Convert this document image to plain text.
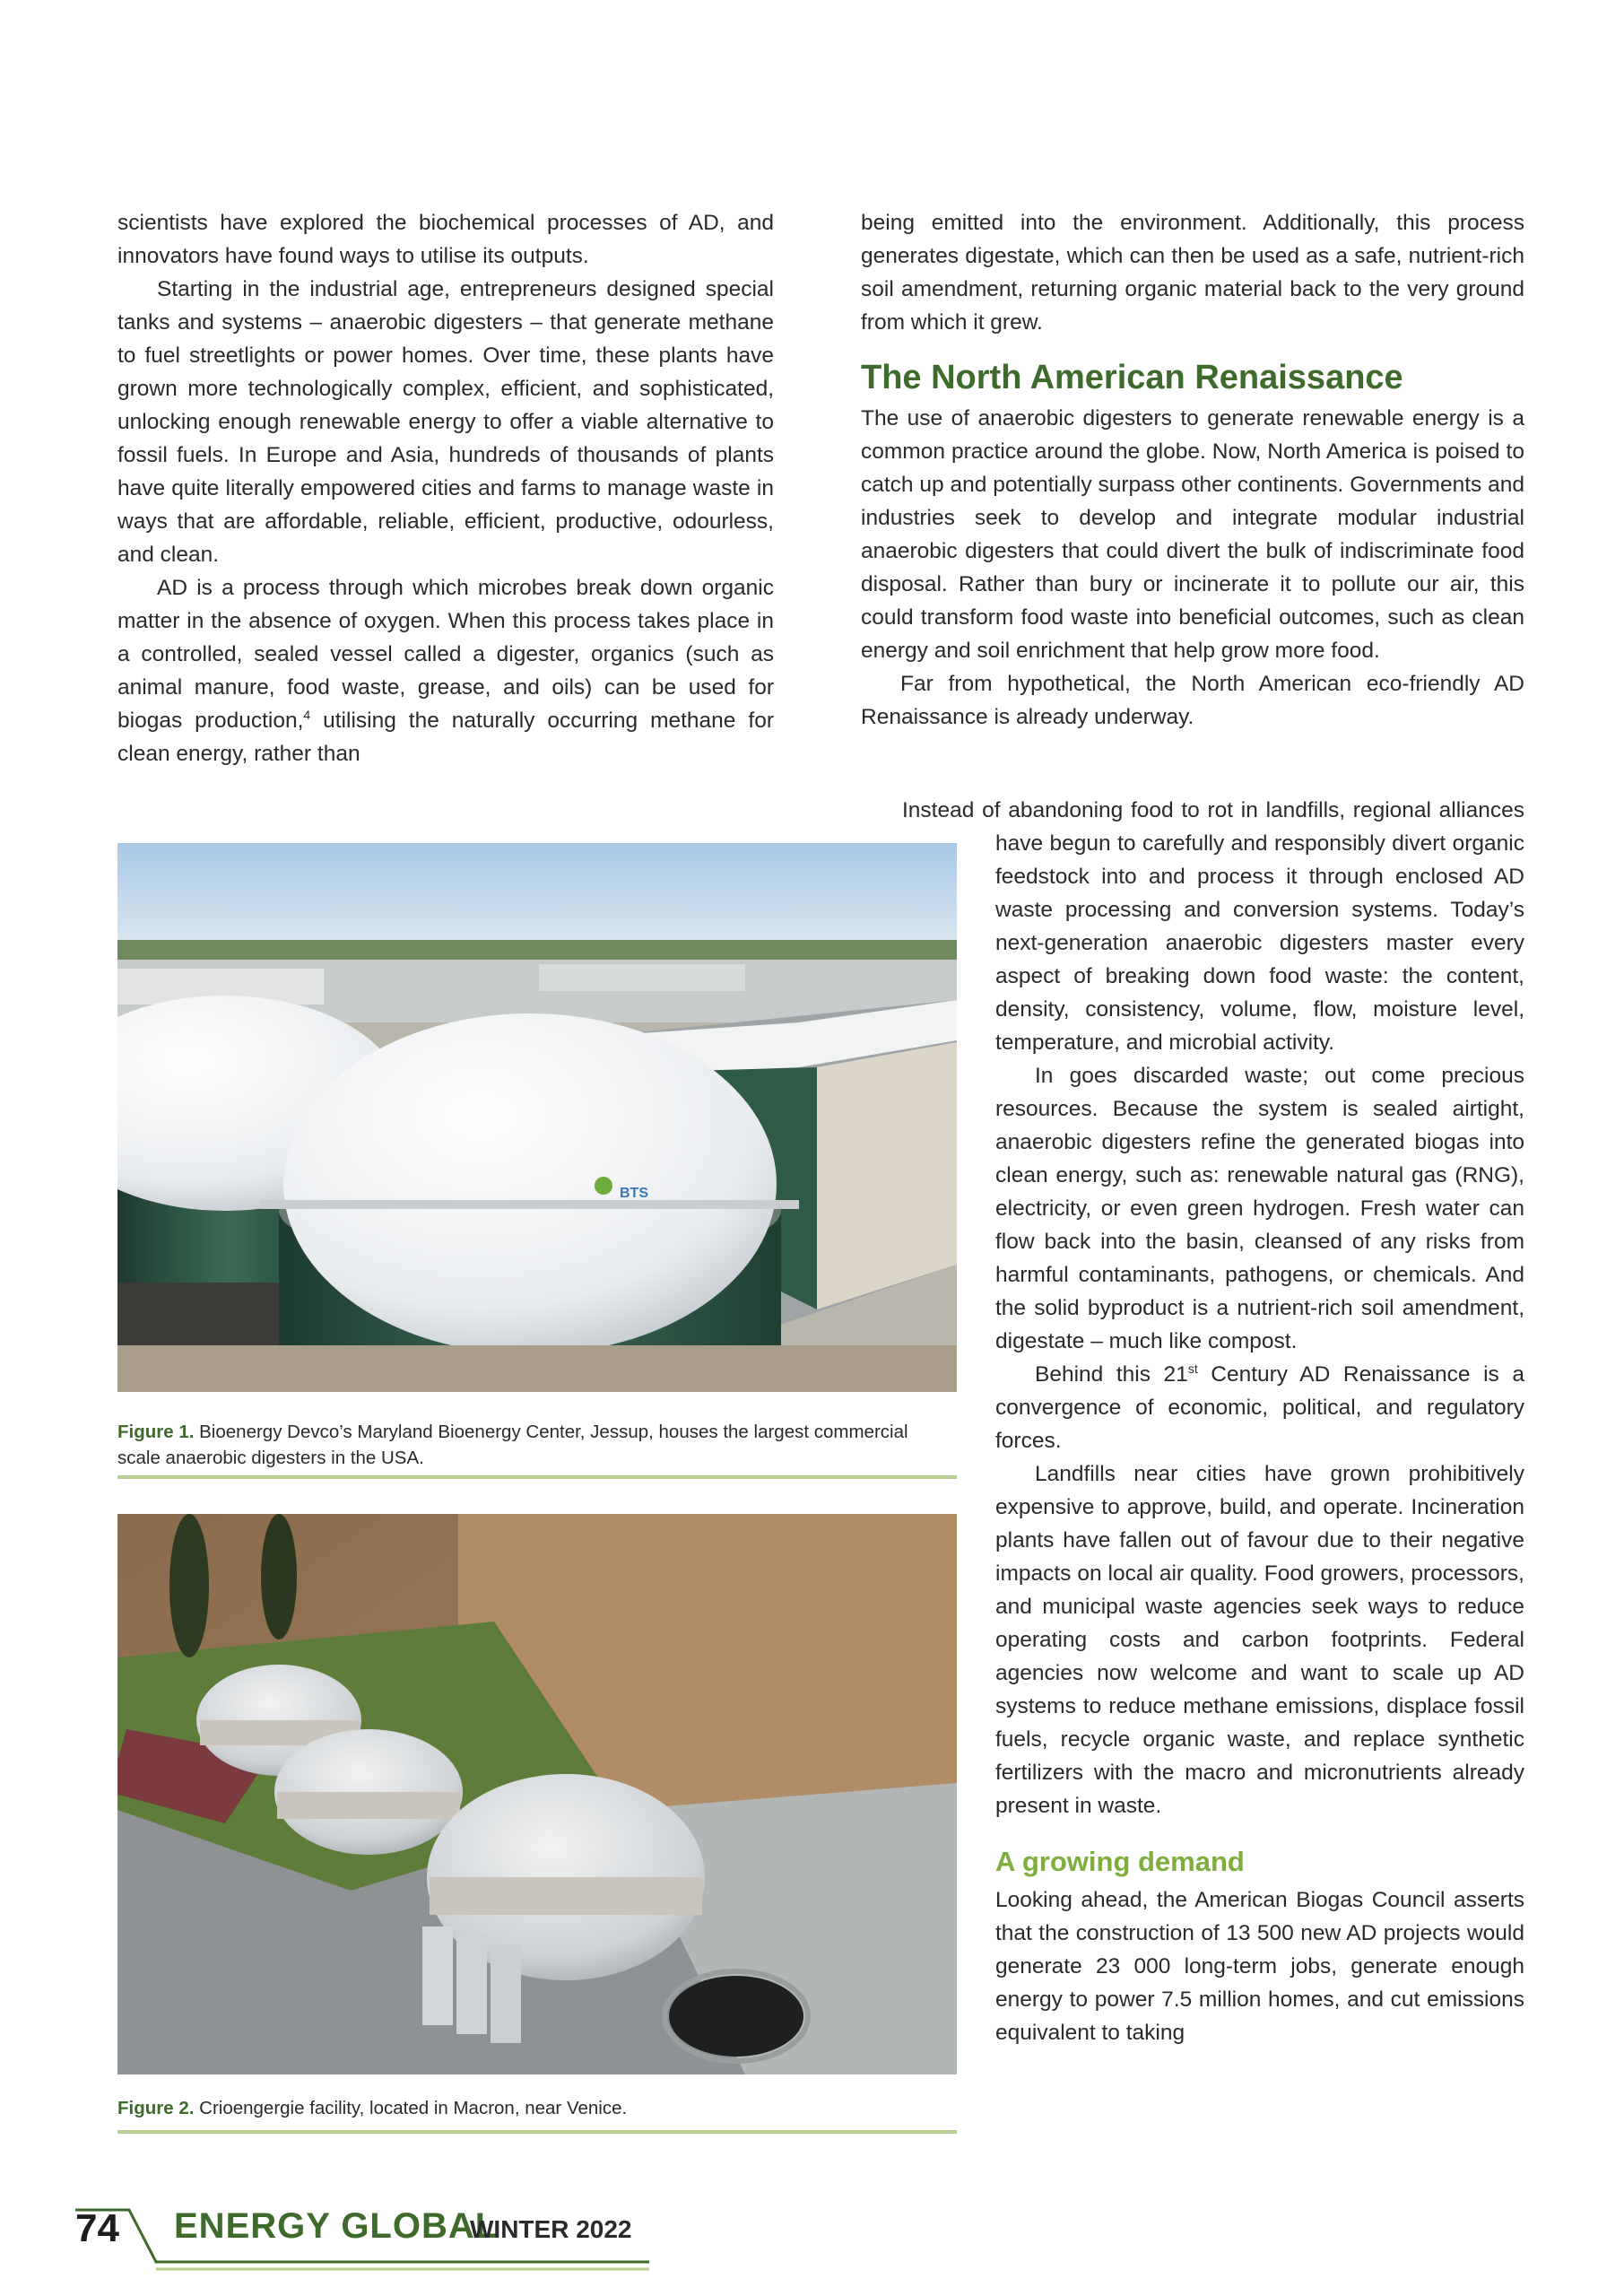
scientists have explored the biochemical processes of AD, and innovators have found ways to utilise its outputs.

Starting in the industrial age, entrepreneurs designed special tanks and systems – anaerobic digesters – that generate methane to fuel streetlights or power homes. Over time, these plants have grown more technologically complex, efficient, and sophisticated, unlocking enough renewable energy to offer a viable alternative to fossil fuels. In Europe and Asia, hundreds of thousands of plants have quite literally empowered cities and farms to manage waste in ways that are affordable, reliable, efficient, productive, odourless, and clean.

AD is a process through which microbes break down organic matter in the absence of oxygen. When this process takes place in a controlled, sealed vessel called a digester, organics (such as animal manure, food waste, grease, and oils) can be used for biogas production,$^4$ utilising the naturally occurring methane for clean energy, rather than

being emitted into the environment. Additionally, this process generates digestate, which can then be used as a safe, nutrient-rich soil amendment, returning organic material back to the very ground from which it grew.

The North American Renaissance

The use of anaerobic digesters to generate renewable energy is a common practice around the globe. Now, North America is poised to catch up and potentially surpass other continents. Governments and industries seek to develop and integrate modular industrial anaerobic digesters that could divert the bulk of indiscriminate food disposal. Rather than bury or incinerate it to pollute our air, this could transform food waste into beneficial outcomes, such as clean energy and soil enrichment that help grow more food.

Far from hypothetical, the North American eco-friendly AD Renaissance is already underway.

Instead of abandoning food to rot in landfills, regional alliances have begun to carefully and responsibly divert organic feedstock into and process it through enclosed AD waste processing and conversion systems. Today’s next-generation anaerobic digesters master every aspect of breaking down food waste: the content, density, consistency, volume, flow, moisture level, temperature, and microbial activity.

In goes discarded waste; out come precious resources. Because the system is sealed airtight, anaerobic digesters refine the generated biogas into clean energy, such as: renewable natural gas (RNG), electricity, or even green hydrogen. Fresh water can flow back into the basin, cleansed of any risks from harmful contaminants, pathogens, or chemicals. And the solid byproduct is a nutrient-rich soil amendment, digestate – much like compost.

Behind this 21st Century AD Renaissance is a convergence of economic, political, and regulatory forces.

Landfills near cities have grown prohibitively expensive to approve, build, and operate. Incineration plants have fallen out of favour due to their negative impacts on local air quality. Food growers, processors, and municipal waste agencies seek ways to reduce operating costs and carbon footprints. Federal agencies now welcome and want to scale up AD systems to reduce methane emissions, displace fossil fuels, recycle organic waste, and replace synthetic fertilizers with the macro and micronutrients already present in waste.

A growing demand

Looking ahead, the American Biogas Council asserts that the construction of 13 500 new AD projects would generate 23 000 long-term jobs, generate enough energy to power 7.5 million homes, and cut emissions equivalent to taking

BTS
Figure 1. Bioenergy Devco’s Maryland Bioenergy Center, Jessup, houses the largest commercial scale anaerobic digesters in the USA.
Figure 2. Crioengergie facility, located in Macron, near Venice.
74 ENERGY GLOBAL
WINTER 2022
